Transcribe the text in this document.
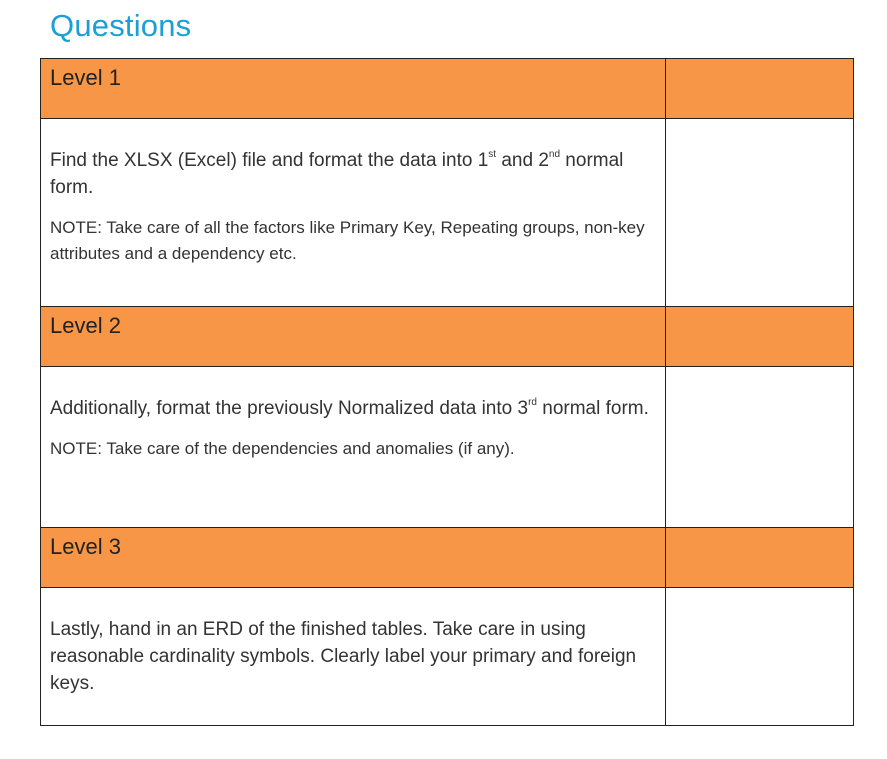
Questions
Level 1	

Find the XLSX (Excel) file and format the data into 1st and 2nd normal form.

NOTE: Take care of all the factors like Primary Key, Repeating groups, non-key attributes and a dependency etc.	

Level 2	

Additionally, format the previously Normalized data into 3rd normal form.

NOTE: Take care of the dependencies and anomalies (if any).	

Level 3	

Lastly, hand in an ERD of the finished tables. Take care in using reasonable cardinality symbols. Clearly label your primary and foreign keys.	
